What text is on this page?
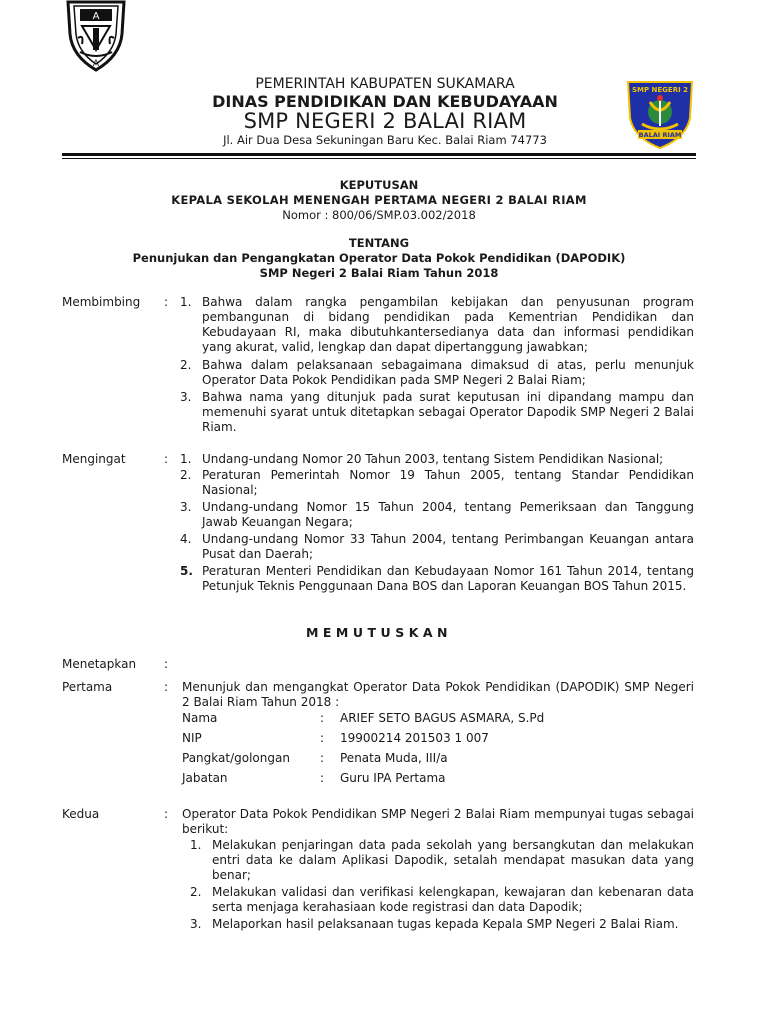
A
A
SMP NEGERI 2
BALAI RIAM
PEMERINTAH KABUPATEN SUKAMARA
DINAS PENDIDIKAN DAN KEBUDAYAAN
SMP NEGERI 2 BALAI RIAM
Jl. Air Dua Desa Sekuningan Baru Kec. Balai Riam 74773
KEPUTUSAN
KEPALA SEKOLAH MENENGAH PERTAMA NEGERI 2 BALAI RIAM
Nomor : 800/06/SMP.03.002/2018
TENTANG
Penunjukan dan Pengangkatan Operator Data Pokok Pendidikan (DAPODIK)
SMP Negeri 2 Balai Riam Tahun 2018
Membimbing : 1. Bahwa dalam rangka pengambilan kebijakan dan penyusunan program pembangunan di bidang pendidikan pada Kementrian Pendidikan dan Kebudayaan RI, maka dibutuhkantersedianya data dan informasi pendidikan yang akurat, valid, lengkap dan dapat dipertanggung jawabkan;
2. Bahwa dalam pelaksanaan sebagaimana dimaksud di atas, perlu menunjuk Operator Data Pokok Pendidikan pada SMP Negeri 2 Balai Riam;
3. Bahwa nama yang ditunjuk pada surat keputusan ini dipandang mampu dan memenuhi syarat untuk ditetapkan sebagai Operator Dapodik SMP Negeri 2 Balai Riam.
Mengingat	: 1. Undang-undang Nomor 20 Tahun 2003, tentang Sistem Pendidikan Nasional;
2. Peraturan Pemerintah Nomor 19 Tahun 2005, tentang Standar Pendidikan Nasional;
3. Undang-undang Nomor 15 Tahun 2004, tentang Pemeriksaan dan Tanggung Jawab Keuangan Negara;
4. Undang-undang Nomor 33 Tahun 2004, tentang Perimbangan Keuangan antara Pusat dan Daerah;
5. Peraturan Menteri Pendidikan dan Kebudayaan Nomor 161 Tahun 2014, tentang Petunjuk Teknis Penggunaan Dana BOS dan Laporan Keuangan BOS Tahun 2015.
MEMUTUSKAN
Menetapkan :
Pertama	: Menunjuk dan mengangkat Operator Data Pokok Pendidikan (DAPODIK) SMP Negeri 2 Balai Riam Tahun 2018 :
Nama	: ARIEF SETO BAGUS ASMARA, S.Pd
NIP	: 19900214 201503 1 007
Pangkat/golongan	: Penata Muda, III/a
Jabatan	: Guru IPA Pertama
Kedua	: Operator Data Pokok Pendidikan SMP Negeri 2 Balai Riam mempunyai tugas sebagai berikut:
1. Melakukan penjaringan data pada sekolah yang bersangkutan dan melakukan entri data ke dalam Aplikasi Dapodik, setalah mendapat masukan data yang benar;
2. Melakukan validasi dan verifikasi kelengkapan, kewajaran dan kebenaran data serta menjaga kerahasiaan kode registrasi dan data Dapodik;
3. Melaporkan hasil pelaksanaan tugas kepada Kepala SMP Negeri 2 Balai Riam.
